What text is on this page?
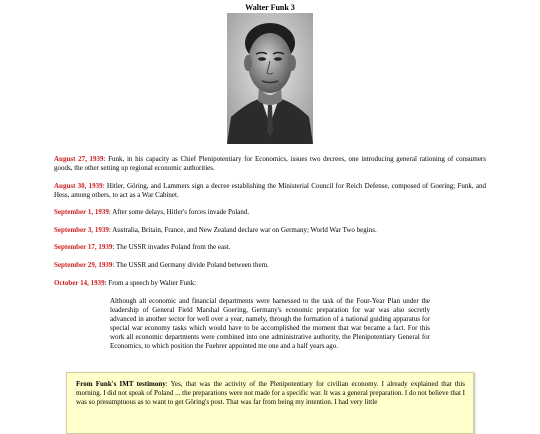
Walter Funk 3
August 27, 1939: Funk, in his capacity as Chief Plenipotentiary for Economics, issues two decrees, one introducing general rationing of consumers goods, the other setting up regional economic authorities.
August 30, 1939: Hitler, Göring, and Lammers sign a decree establishing the Ministerial Council for Reich Defense, composed of Goering; Funk, and Hess, among others, to act as a War Cabinet.
September 1, 1939: After some delays, Hitler's forces invade Poland.
September 3, 1939: Australia, Britain, France, and New Zealand declare war on Germany; World War Two begins.
September 17, 1939: The USSR invades Poland from the east.
September 29, 1939: The USSR and Germany divide Poland between them.
October 14, 1939: From a speech by Walter Funk:
Although all economic and financial departments were harnessed to the task of the Four-Year Plan under the leadership of General Field Marshal Goering, Germany's economic preparation for war was also secretly advanced in another sector for well over a year, namely, through the formation of a national guiding apparatus for special war economy tasks which would have to be accomplished the moment that war became a fact. For this work all economic departments were combined into one administrative authority, the Plenipotentiary General for Economics, to which position the Fuehrer appointed me one and a half years ago.
From Funk's IMT testimony: Yes, that was the activity of the Plenipotentiary for civilian economy. I already explained that this morning. I did not speak of Poland ... the preparations were not made for a specific war. It was a general preparation. I do not believe that I was so presumptuous as to want to get Göring's post. That was far from being my intention. I had very little
